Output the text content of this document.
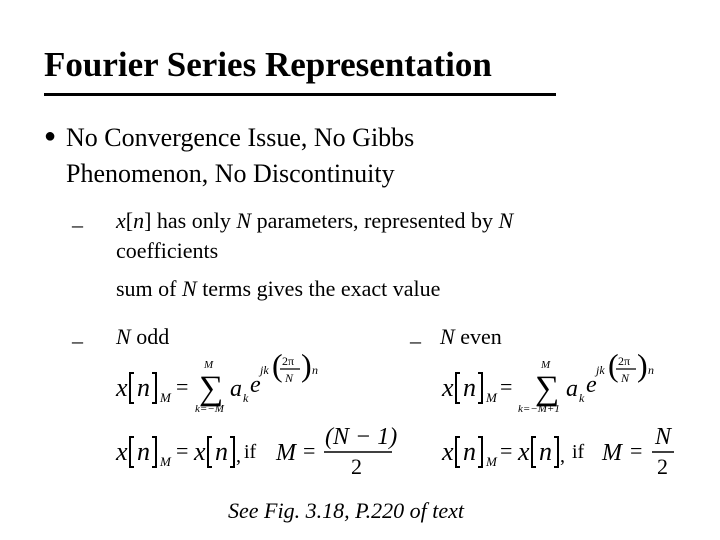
Fourier Series Representation
● No Convergence Issue, No Gibbs
Phenomenon, No Discontinuity
– x[n] has only N parameters, represented by N
coefficients
sum of N terms gives the exact value
– N odd	– N even
x n M =
M
∑
k=−M
a k e
jk ( 2π
N ) n
x n M = x n , if M =
(N − 1)
2
x n M =
M
∑
k=−M+1
a k e
jk ( 2π
N ) n
x n M = x n , if M =
N
2
See Fig. 3.18, P.220 of text
